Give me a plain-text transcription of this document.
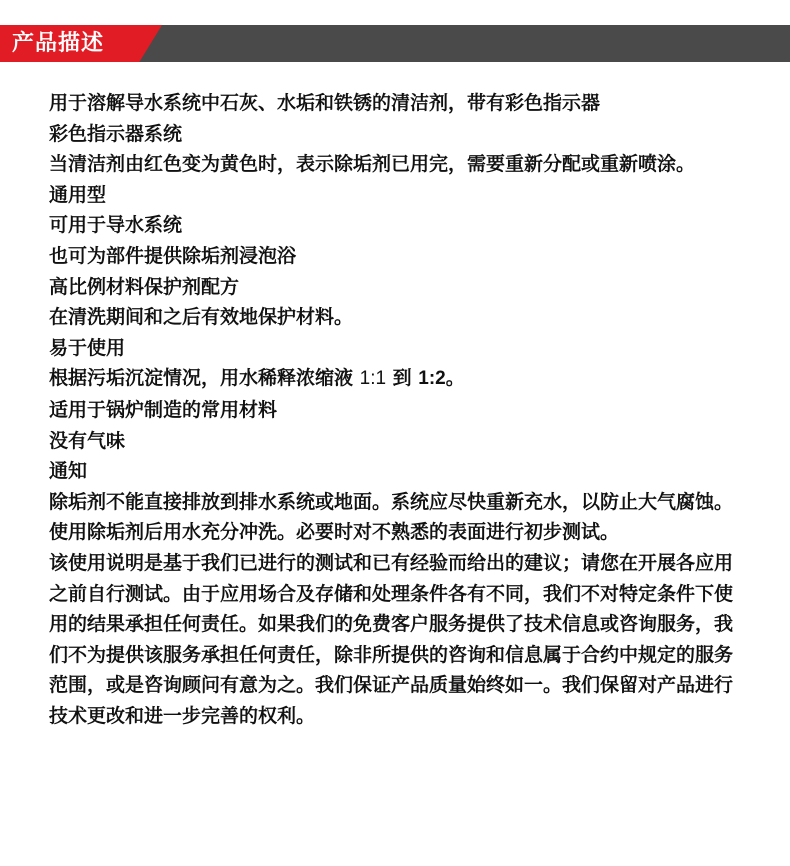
产品描述

用于溶解导水系统中石灰、水垢和铁锈的清洁剂，带有彩色指示器

彩色指示器系统

当清洁剂由红色变为黄色时，表示除垢剂已用完，需要重新分配或重新喷涂。

通用型

可用于导水系统

也可为部件提供除垢剂浸泡浴

高比例材料保护剂配方

在清洗期间和之后有效地保护材料。

易于使用

根据污垢沉淀情况，用水稀释浓缩液 1:1 到 1:2。

适用于锅炉制造的常用材料

没有气味

通知

除垢剂不能直接排放到排水系统或地面。系统应尽快重新充水，以防止大气腐蚀。使用除垢剂后用水充分冲洗。必要时对不熟悉的表面进行初步测试。

该使用说明是基于我们已进行的测试和已有经验而给出的建议；请您在开展各应用之前自行测试。由于应用场合及存储和处理条件各有不同，我们不对特定条件下使用的结果承担任何责任。如果我们的免费客户服务提供了技术信息或咨询服务，我们不为提供该服务承担任何责任，除非所提供的咨询和信息属于合约中规定的服务范围，或是咨询顾问有意为之。我们保证产品质量始终如一。我们保留对产品进行技术更改和进一步完善的权利。
